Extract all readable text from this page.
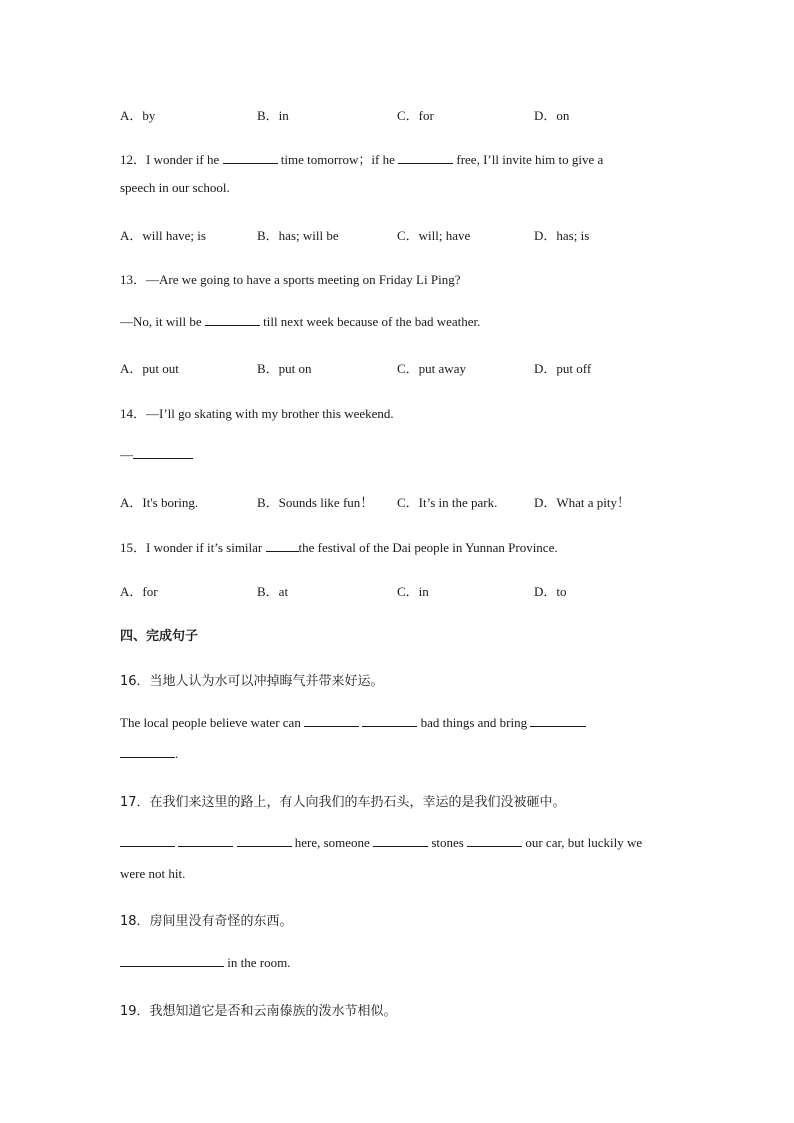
A．by	B．in	C．for	D．on
12．I wonder if he	time tomorrow；if he	free, I’ll invite him to give a
speech in our school.
A．will have; is	B．has; will be	C．will; have	D．has; is
13．—Are we going to have a sports meeting on Friday Li Ping?
—No, it will be	till next week because of the bad weather.
A．put out	B．put on	C．put away	D．put off
14．—I’ll go skating with my brother this weekend.
—
A．It's boring.	B．Sounds like fun！ C．It’s in the park.	D．What a pity！
15．I wonder if it’s similar	the festival of the Dai people in Yunnan Province.
A．for	B．at	C．in	D．to
四、完成句子
16．当地人认为水可以冲掉晦气并带来好运。
The local people believe water can	bad things and bring
.
17．在我们来这里的路上，有人向我们的车扔石头，幸运的是我们没被砸中。
here, someone	stones	our car, but luckily we
were not hit.
18．房间里没有奇怪的东西。
in the room.
19．我想知道它是否和云南傣族的泼水节相似。
